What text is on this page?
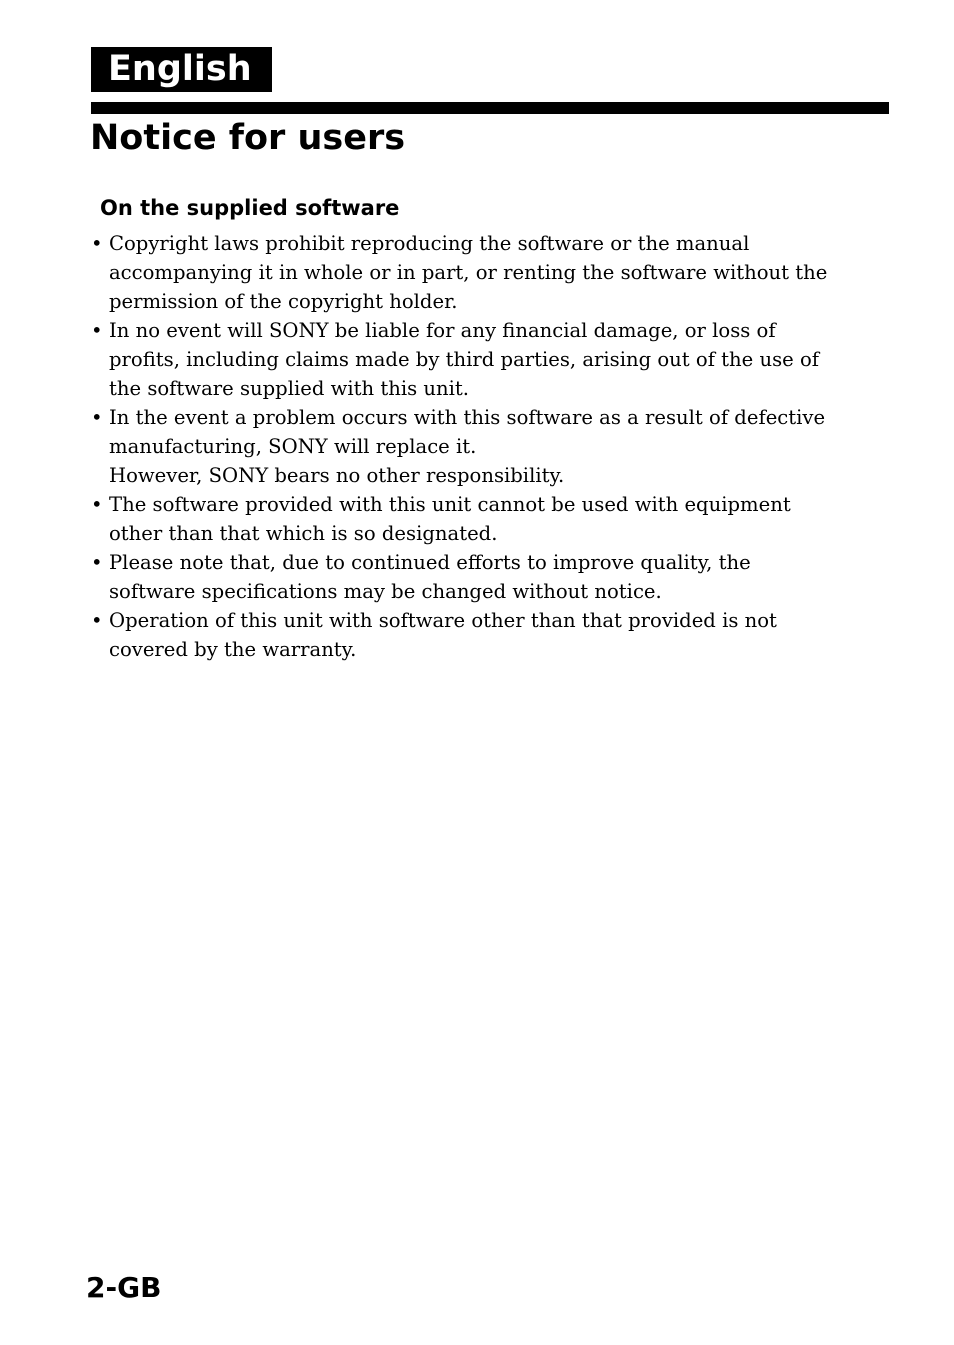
English
Notice for users
On the supplied software
• Copyright laws prohibit reproducing the software or the manual
accompanying it in whole or in part, or renting the software without the
permission of the copyright holder.
• In no event will SONY be liable for any financial damage, or loss of
profits, including claims made by third parties, arising out of the use of
the software supplied with this unit.
• In the event a problem occurs with this software as a result of defective
manufacturing, SONY will replace it.
However, SONY bears no other responsibility.
• The software provided with this unit cannot be used with equipment
other than that which is so designated.
• Please note that, due to continued efforts to improve quality, the
software specifications may be changed without notice.
• Operation of this unit with software other than that provided is not
covered by the warranty.
2-GB
